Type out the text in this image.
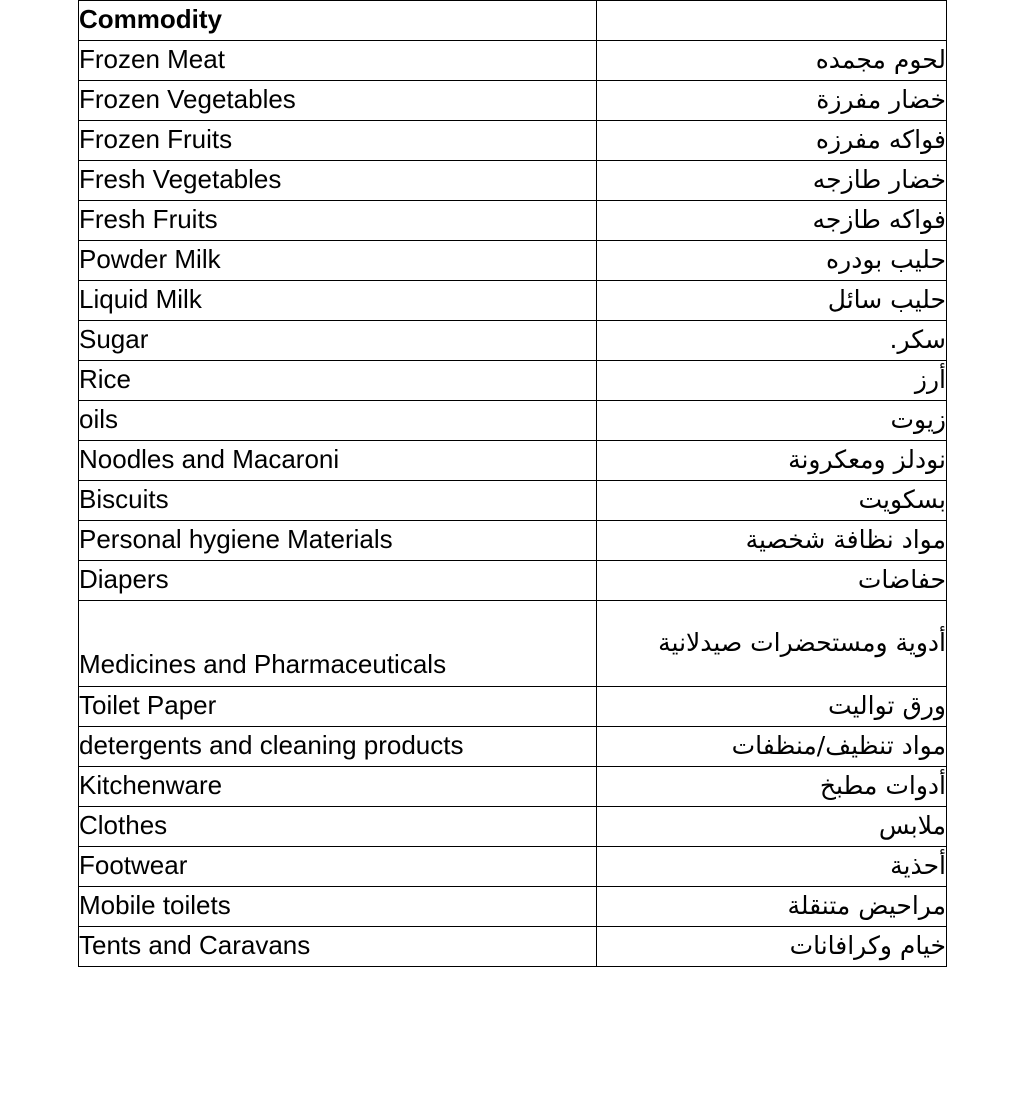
Commodity	
Frozen Meat	لحوم مجمده
Frozen Vegetables	خضار مفرزة
Frozen Fruits	فواكه مفرزه
Fresh Vegetables	خضار طازجه
Fresh Fruits	فواكه طازجه
Powder Milk	حليب بودره
Liquid Milk	حليب سائل
Sugar	سكر.
Rice	أرز
oils	زيوت
Noodles and Macaroni	نودلز ومعكرونة
Biscuits	بسكويت
Personal hygiene Materials	مواد نظافة شخصية
Diapers	حفاضات
Medicines and Pharmaceuticals	أدوية ومستحضرات صيدلانية
Toilet Paper	ورق تواليت
detergents and cleaning products	مواد تنظيف/منظفات
Kitchenware	أدوات مطبخ
Clothes	ملابس
Footwear	أحذية
Mobile toilets	مراحيض متنقلة
Tents and Caravans	خيام وكرافانات
